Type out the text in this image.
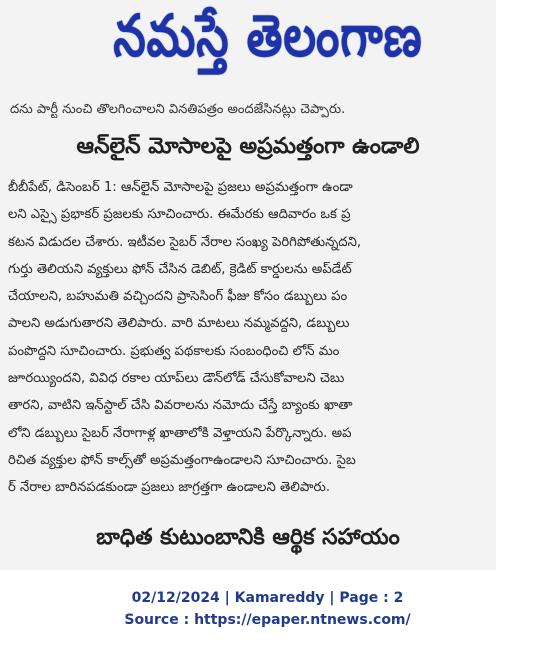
నమస్తే తెలంగాణ
దను పార్టీ నుంచి తొలగించాలని వినతిపత్రం అందజేసినట్లు చెప్పారు.
ఆన్‌లైన్ మోసాలపై అప్రమత్తంగా ఉండాలి
బీబీపేట్, డిసెంబర్ 1: ఆన్‌లైన్ మోసాలపై ప్రజలు అప్రమత్తంగా ఉండా
లని ఎస్సై ప్రభాకర్ ప్రజలకు సూచించారు. ఈమేరకు ఆదివారం ఒక ప్ర
కటన విడుదల చేశారు. ఇటీవల సైబర్ నేరాల సంఖ్య పెరిగిపోతున్నదని,
గుర్తు తెలియని వ్యక్తులు ఫోన్ చేసిన డెబిట్, క్రెడిట్ కార్డులను అప్‌డేట్
చేయాలని, బహుమతి వచ్చిందని ప్రాసెసింగ్ ఫీజు కోసం డబ్బులు పం
పాలని అడుగుతారని తెలిపారు. వారి మాటలు నమ్మవద్దని, డబ్బులు
పంపొద్దని సూచించారు. ప్రభుత్వ పథకాలకు సంబంధించి లోన్ మం
జూరయ్యిందని, వివిధ రకాల యాప్‌లు డౌన్‌లోడ్ చేసుకోవాలని చెబు
తారని, వాటిని ఇన్‌స్టాల్ చేసి వివరాలను నమోదు చేస్తే బ్యాంకు ఖాతా
లోని డబ్బులు సైబర్ నేరాగాళ్ల ఖాతాలోకి వెళ్తాయని పేర్కొన్నారు. అప
రిచిత వ్యక్తుల ఫోన్ కాల్స్‌తో అప్రమత్తంగాఉండాలని సూచించారు. సైబ
ర్ నేరాల బారినపడకుండా ప్రజలు జాగ్రత్తగా ఉండాలని తెలిపారు.
బాధిత కుటుంబానికి ఆర్థిక సహాయం
02/12/2024 | Kamareddy | Page : 2
Source : https://epaper.ntnews.com/
